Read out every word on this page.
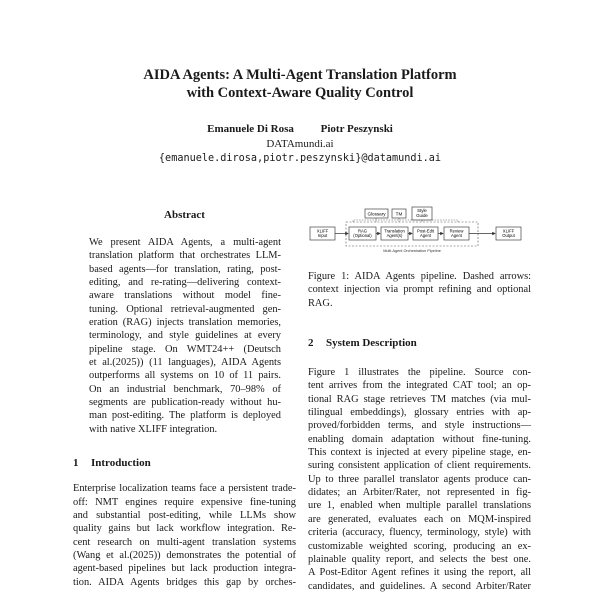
AIDA Agents: A Multi-Agent Translation Platform
with Context-Aware Quality Control
Emanuele Di Rosa Piotr Peszynski
DATAmundi.ai
{emanuele.dirosa,piotr.peszynski}@datamundi.ai
Abstract
We present AIDA Agents, a multi-agent
translation platform that orchestrates LLM-
based agents—for translation, rating, post-
editing, and re-rating—delivering context-
aware translations without model fine-
tuning. Optional retrieval-augmented gen-
eration (RAG) injects translation memories,
terminology, and style guidelines at every
pipeline stage. On WMT24++ (Deutsch
et al.(2025)) (11 languages), AIDA Agents
outperforms all systems on 10 of 11 pairs.
On an industrial benchmark, 70–98% of
segments are publication-ready without hu-
man post-editing. The platform is deployed
with native XLIFF integration.
1 Introduction
Enterprise localization teams face a persistent trade-
off: NMT engines require expensive fine-tuning
and substantial post-editing, while LLMs show
quality gains but lack workflow integration. Re-
cent research on multi-agent translation systems
(Wang et al.(2025)) demonstrates the potential of
agent-based pipelines but lack production integra-
tion. AIDA Agents bridges this gap by orches-
Glossary TM
Style Guide
XLIFF Input
RAG (Optional)
Translation Agent(s)
Post-Edit Agent
Review Agent
XLIFF Output
Multi-Agent Orchestration Pipeline
Figure 1: AIDA Agents pipeline. Dashed arrows:
context injection via prompt refining and optional
RAG.
2 System Description
Figure 1 illustrates the pipeline. Source con-
tent arrives from the integrated CAT tool; an op-
tional RAG stage retrieves TM matches (via mul-
tilingual embeddings), glossary entries with ap-
proved/forbidden terms, and style instructions—
enabling domain adaptation without fine-tuning.
This context is injected at every pipeline stage, en-
suring consistent application of client requirements.
Up to three parallel translator agents produce can-
didates; an Arbiter/Rater, not represented in fig-
ure 1, enabled when multiple parallel translations
are generated, evaluates each on MQM-inspired
criteria (accuracy, fluency, terminology, style) with
customizable weighted scoring, producing an ex-
plainable quality report, and selects the best one.
A Post-Editor Agent refines it using the report, all
candidates, and guidelines. A second Arbiter/Rater
